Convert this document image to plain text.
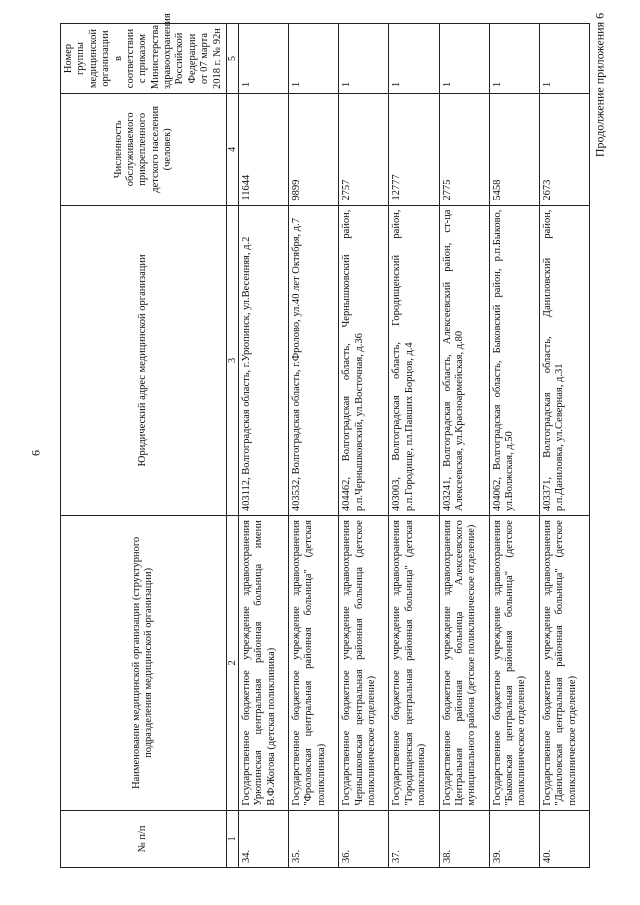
6
Продолжение приложения 6
№ п/п	Наименование медицинской организации (структурного подразделения медицинской организации)	Юридический адрес медицинской организации	Численность обслуживаемого прикрепленного детского населения (человек)	Номер группы медицинской организации в соответствии с приказом Министерства здравоохранения Российской Федерации от 07 марта 2018 г. № 92н
1	2	3	4	5
34.	Государственное бюджетное учреждение здравоохранения Урюпинская центральная районная больница имени В.Ф.Жогова (детская поликлиника)	403112, Волгоградская область, г.Урюпинск, ул.Весенняя, д.2	11644	1
35.	Государственное бюджетное учреждение здравоохранения "Фроловская центральная районная больница" (детская поликлиника)	403532, Волгоградская область, г.Фролово, ул.40 лет Октября, д.7	9899	1
36.	Государственное бюджетное учреждение здравоохранения Чернышковская центральная районная больница (детское поликлиническое отделение)	404462, Волгоградская область, Чернышковский район, р.п.Чернышковский, ул.Восточная, д.36	2757	1
37.	Государственное бюджетное учреждение здравоохранения "Городищенская центральная районная больница" (детская поликлиника)	403003, Волгоградская область, Городищенский район, р.п.Городище, пл.Павших Борцов, д.4	12777	1
38.	Государственное бюджетное учреждение здравоохранения Центральная районная больница Алексеевского муниципального района (детское поликлиническое отделение)	403241, Волгоградская область, Алексеевский район, ст-ца Алексеевская, ул.Красноармейская, д.80	2775	1
39.	Государственное бюджетное учреждение здравоохранения "Быковская центральная районная больница" (детское поликлиническое отделение)	404062, Волгоградская область, Быковский район, р.п.Быково, ул.Волжская, д.50	5458	1
40.	Государственное бюджетное учреждение здравоохранения "Даниловская центральная районная больница" (детское поликлиническое отделение)	403371, Волгоградская область, Даниловский район, р.п.Даниловка, ул.Северная, д.31	2673	1
